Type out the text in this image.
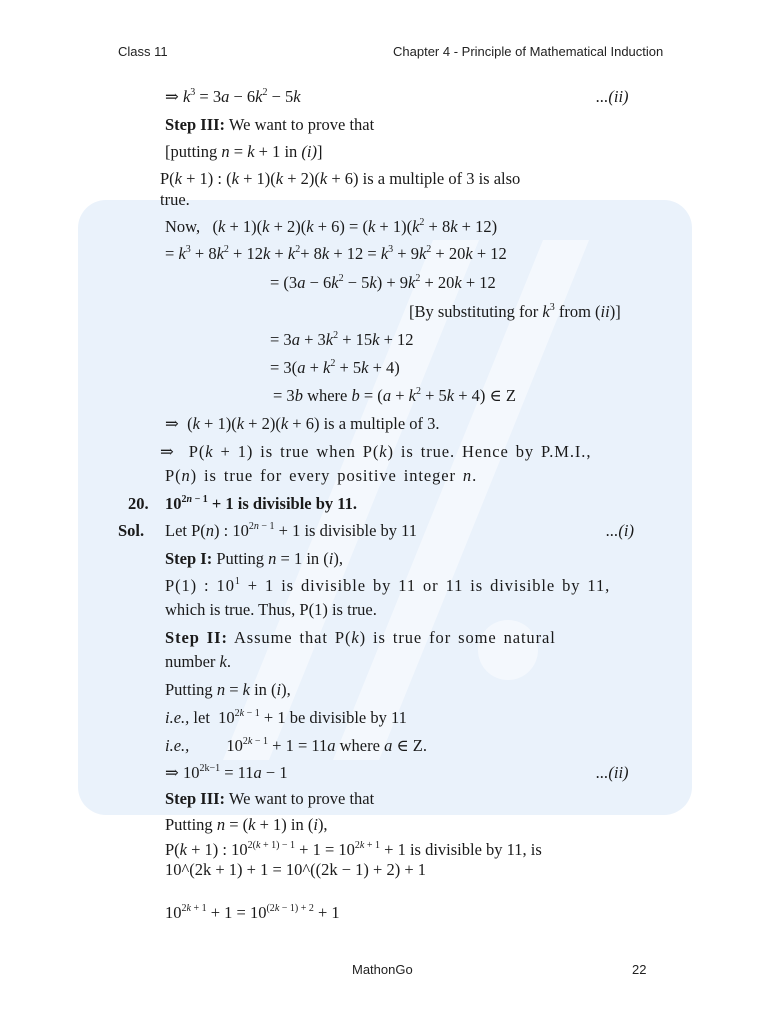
Class 11	Chapter 4 - Principle of Mathematical Induction
⇒ $k^3 = 3a - 6k^2 - 5k$	...(ii)
Step III: We want to prove that
[putting n = k + 1 in (i)]
P(k + 1) : (k + 1)(k + 2)(k + 6) is a multiple of 3 is also
true.
Now,   $(k + 1)(k + 2)(k + 6) = (k + 1)(k^2 + 8k + 12)$
= $k^3 + 8k^2 + 12k + k^2+ 8k + 12 = k^3 + 9k^2 + 20k + 12$
= $(3a - 6k^2 - 5k) + 9k^2 + 20k + 12$
[By substituting for $k^3$ from (ii)]
= $3a + 3k^2 + 15k + 12$
= $3(a + k^2 + 5k + 4)$
= 3b where $b = (a + k^2 + 5k + 4)$ ∈ Z
⇒  (k + 1)(k + 2)(k + 6) is a multiple of 3.
⇒  P(k + 1) is true when P(k) is true. Hence by P.M.I.,
P(n) is true for every positive integer n.
20. $10^{2n - 1} + 1$ is divisible by 11.
Sol. Let P(n) : $10^{2n - 1} + 1$ is divisible by 11	...(i)
Step I: Putting n = 1 in (i),
P(1) : $10^1 + 1$ is divisible by 11 or 11 is divisible by 11,
which is true. Thus, P(1) is true.
Step II: Assume that P(k) is true for some natural
number k.
Putting n = k in (i),
i.e., let  $10^{2k - 1} + 1$ be divisible by 11
i.e.,         $10^{2k - 1} + 1 = 11a$ where a ∈ Z.
⇒ $10^{2k-1} = 11a - 1$	...(ii)
Step III: We want to prove that
Putting n = (k + 1) in (i),
P(k + 1) : $10^{2(k + 1) - 1} + 1 = 10^{2k + 1} + 1$ is divisible by 11, is
10^(2k + 1) + 1 = 10^((2k − 1) + 2) + 1
$10^{2k + 1} + 1 = 10^{(2k - 1) + 2} + 1$
MathonGo	22
